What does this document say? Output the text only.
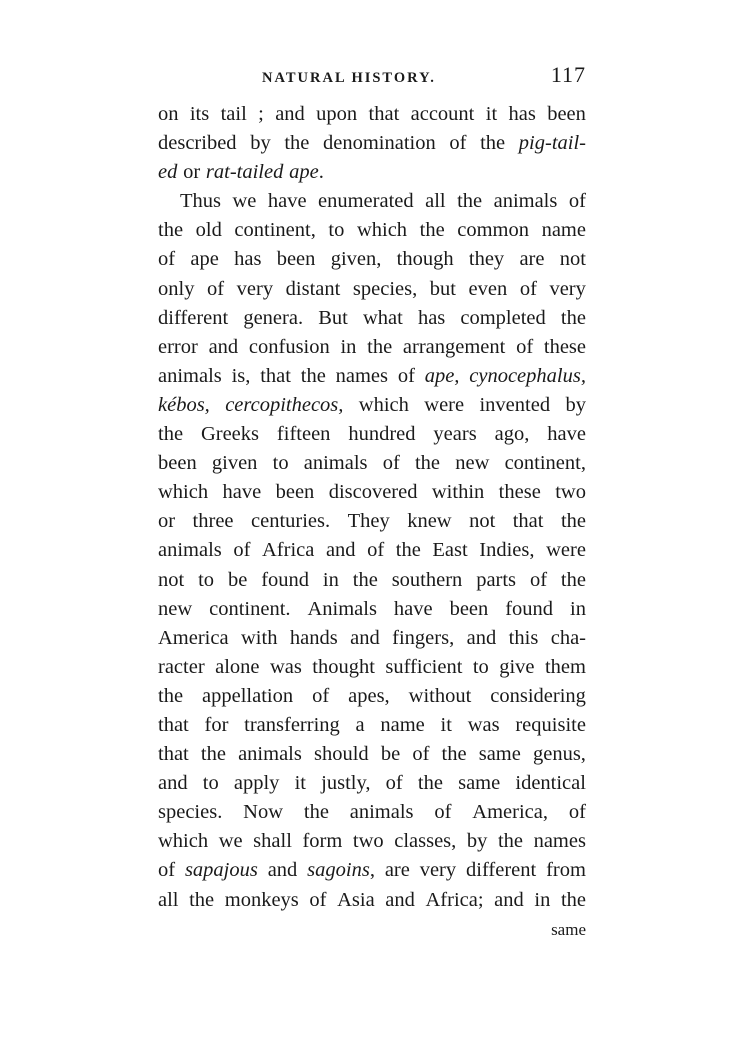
NATURAL HISTORY.	117
on its tail ; and upon that account it has been
described by the denomination of the pig-tail-
ed or rat-tailed ape.
Thus we have enumerated all the animals of
the old continent, to which the common name
of ape has been given, though they are not
only of very distant species, but even of very
different genera. But what has completed the
error and confusion in the arrangement of these
animals is, that the names of ape, cynocephalus,
kébos, cercopithecos, which were invented by
the Greeks fifteen hundred years ago, have
been given to animals of the new continent,
which have been discovered within these two
or three centuries. They knew not that the
animals of Africa and of the East Indies, were
not to be found in the southern parts of the
new continent. Animals have been found in
America with hands and fingers, and this cha-
racter alone was thought sufficient to give them
the appellation of apes, without considering
that for transferring a name it was requisite
that the animals should be of the same genus,
and to apply it justly, of the same identical
species. Now the animals of America, of
which we shall form two classes, by the names
of sapajous and sagoins, are very different from
all the monkeys of Asia and Africa; and in the
same
